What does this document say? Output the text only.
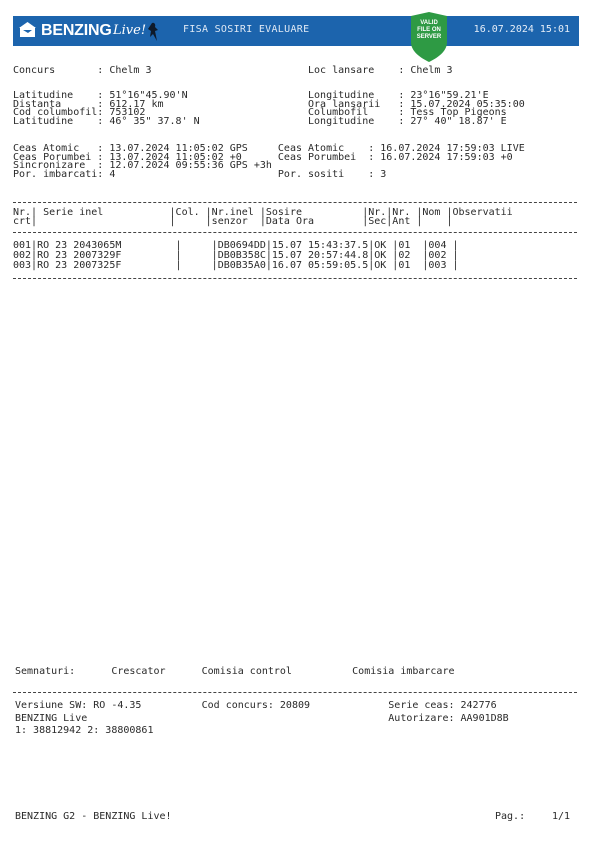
BENZING Live!	FISA SOSIRI EVALUARE
VALID
FILE ON
SERVER
16.07.2024 15:01
Concurs       : Chelm 3                          Loc lansare    : Chelm 3
Latitudine    : 51°16"45.90'N                    Longitudine    : 23°16"59.21'E
Distanta      : 612.17 km                        Ora lansarii   : 15.07.2024 05:35:00
Cod columbofil: 753102                           Columbofil     : Tess Top Pigeons
Latitudine    : 46° 35" 37.8' N                  Longitudine    : 27° 40" 18.87' E
Ceas Atomic   : 13.07.2024 11:05:02 GPS     Ceas Atomic    : 16.07.2024 17:59:03 LIVE
Ceas Porumbei : 13.07.2024 11:05:02 +0      Ceas Porumbei  : 16.07.2024 17:59:03 +0
Sincronizare  : 12.07.2024 09:55:36 GPS +3h
Por. imbarcati: 4                           Por. sositi    : 3
Nr.| Serie inel           |Col. |Nr.inel |Sosire          |Nr.|Nr. |Nom |Observatii
crt|                      |     |senzor  |Data Ora        |Sec|Ant |    |
001|RO 23 2043065M         |     |DB0694DD|15.07 15:43:37.5|OK |01  |004 |
002|RO 23 2007329F         |     |DB0B358C|15.07 20:57:44.8|OK |02  |002 |
003|RO 23 2007325F         |     |DB0B35A0|16.07 05:59:05.5|OK |01  |003 |
Semnaturi:      Crescator      Comisia control          Comisia imbarcare
Versiune SW: RO -4.35          Cod concurs: 20809             Serie ceas: 242776
BENZING Live                                                  Autorizare: AA901D8B
1: 38812942 2: 38800861
BENZING G2 - BENZING Live!	Pag.:	1/1
